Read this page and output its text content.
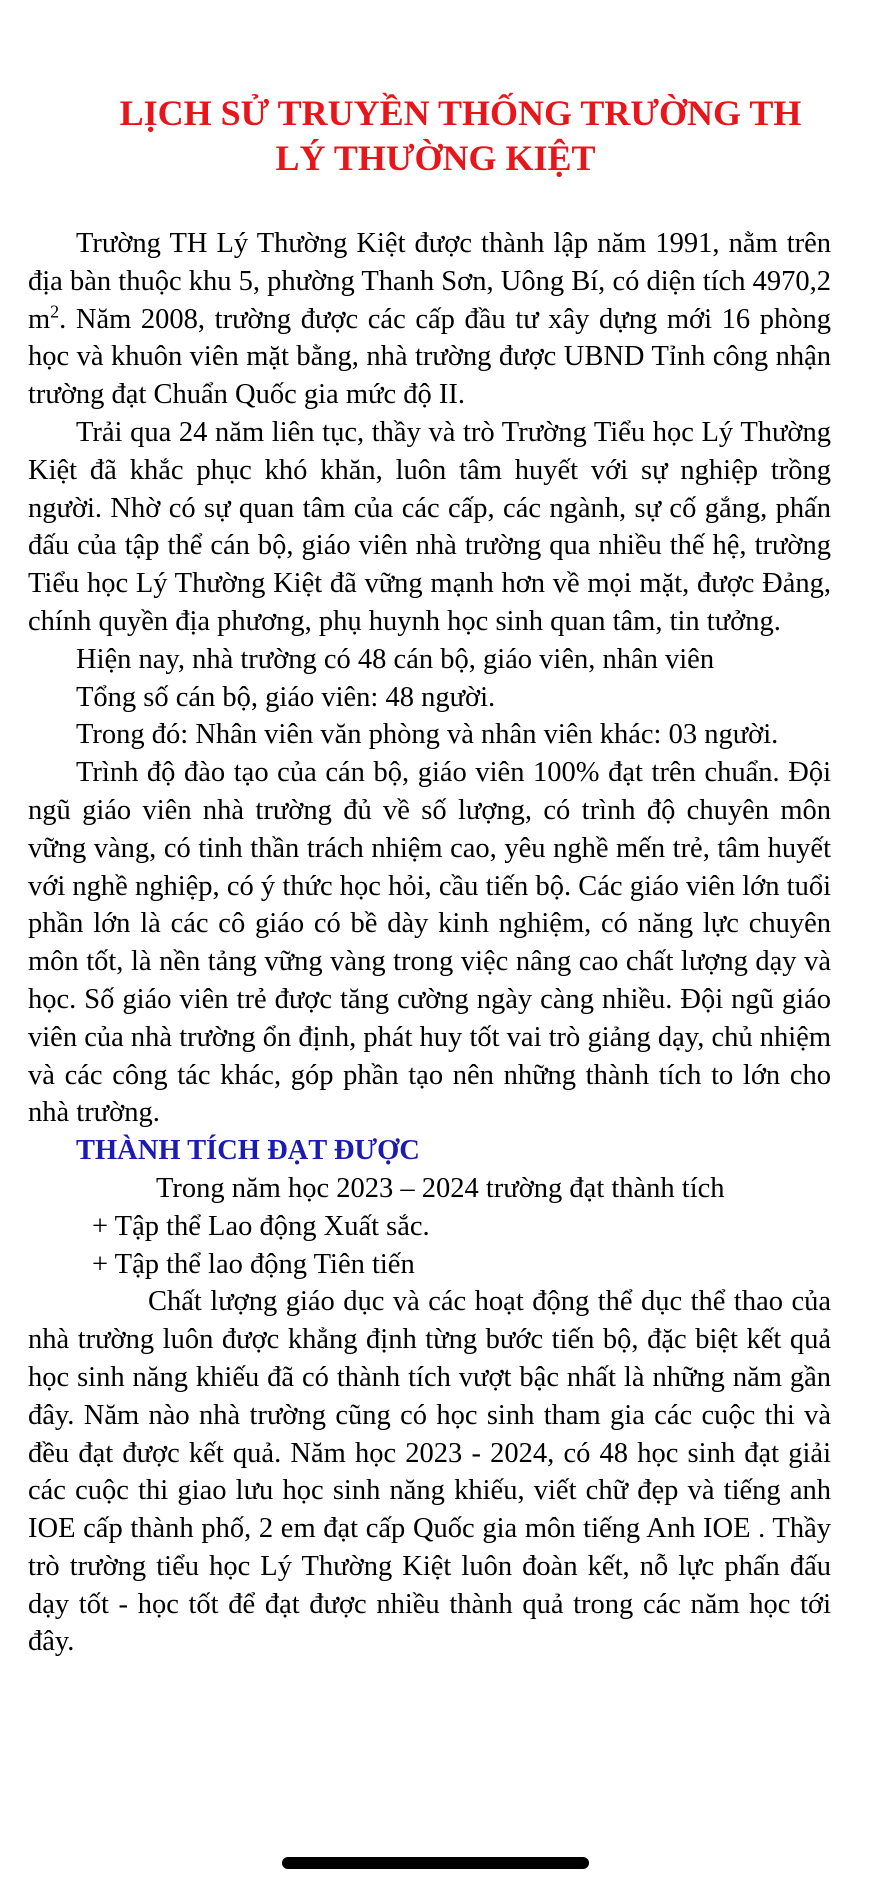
LỊCH SỬ TRUYỀN THỐNG TRƯỜNG TH
LÝ THƯỜNG KIỆT

Trường TH Lý Thường Kiệt được thành lập năm 1991, nằm trên địa bàn thuộc khu 5, phường Thanh Sơn, Uông Bí, có diện tích 4970,2 $m^2$. Năm 2008, trường được các cấp đầu tư xây dựng mới 16 phòng học và khuôn viên mặt bằng, nhà trường được UBND Tỉnh công nhận trường đạt Chuẩn Quốc gia mức độ II.

Trải qua 24 năm liên tục, thầy và trò Trường Tiểu học Lý Thường Kiệt đã khắc phục khó khăn, luôn tâm huyết với sự nghiệp trồng người. Nhờ có sự quan tâm của các cấp, các ngành, sự cố gắng, phấn đấu của tập thể cán bộ, giáo viên nhà trường qua nhiều thế hệ, trường Tiểu học Lý Thường Kiệt đã vững mạnh hơn về mọi mặt, được Đảng, chính quyền địa phương, phụ huynh học sinh quan tâm, tin tưởng.

Hiện nay, nhà trường có 48 cán bộ, giáo viên, nhân viên

Tổng số cán bộ, giáo viên: 48 người.

Trong đó: Nhân viên văn phòng và nhân viên khác: 03 người.

Trình độ đào tạo của cán bộ, giáo viên 100% đạt trên chuẩn. Đội ngũ giáo viên nhà trường đủ về số lượng, có trình độ chuyên môn vững vàng, có tinh thần trách nhiệm cao, yêu nghề mến trẻ, tâm huyết với nghề nghiệp, có ý thức học hỏi, cầu tiến bộ. Các giáo viên lớn tuổi phần lớn là các cô giáo có bề dày kinh nghiệm, có năng lực chuyên môn tốt, là nền tảng vững vàng trong việc nâng cao chất lượng dạy và học. Số giáo viên trẻ được tăng cường ngày càng nhiều. Đội ngũ giáo viên của nhà trường ổn định, phát huy tốt vai trò giảng dạy, chủ nhiệm và các công tác khác, góp phần tạo nên những thành tích to lớn cho nhà trường.

THÀNH TÍCH ĐẠT ĐƯỢC

Trong năm học 2023 – 2024 trường đạt thành tích

+ Tập thể Lao động Xuất sắc.

+ Tập thể lao động Tiên tiến

Chất lượng giáo dục và các hoạt động thể dục thể thao của nhà trường luôn được khẳng định từng bước tiến bộ, đặc biệt kết quả học sinh năng khiếu đã có thành tích vượt bậc nhất là những năm gần đây. Năm nào nhà trường cũng có học sinh tham gia các cuộc thi và đều đạt được kết quả. Năm học 2023 - 2024, có 48 học sinh đạt giải các cuộc thi giao lưu học sinh năng khiếu, viết chữ đẹp và tiếng anh IOE cấp thành phố, 2 em đạt cấp Quốc gia môn tiếng Anh IOE . Thầy trò trường tiểu học Lý Thường Kiệt luôn đoàn kết, nỗ lực phấn đấu dạy tốt - học tốt để đạt được nhiều thành quả trong các năm học tới đây.
